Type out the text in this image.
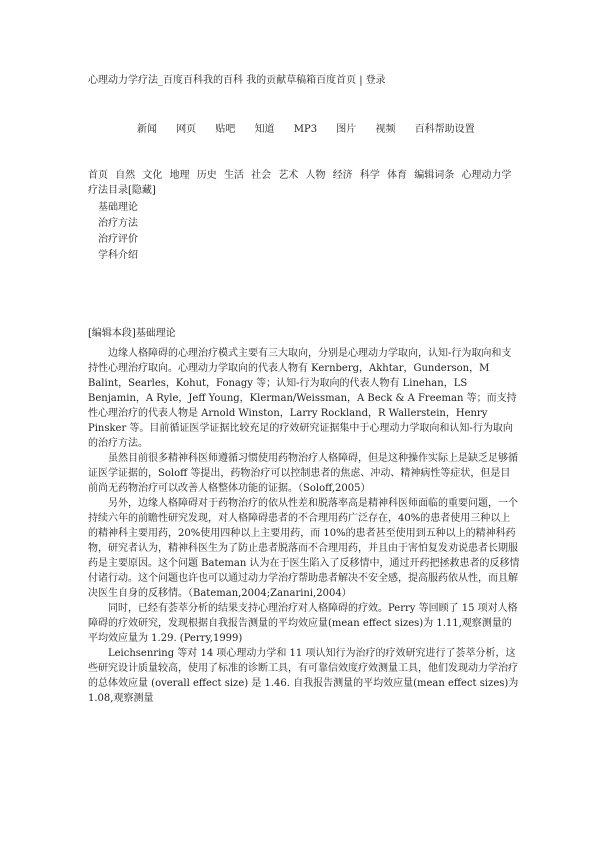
心理动力学疗法_百度百科我的百科 我的贡献草稿箱百度首页 | 登录
新闻 网页 贴吧 知道 MP3 图片 视频 百科帮助设置
首页 自然 文化 地理 历史 生活 社会 艺术 人物 经济 科学 体育 编辑词条 心理动力学疗法目录[隐藏]
基础理论
治疗方法
治疗评价
学科介绍
[编辑本段]基础理论

边缘人格障碍的心理治疗模式主要有三大取向，分别是心理动力学取向，认知-行为取向和支持性心理治疗取向。心理动力学取向的代表人物有 Kernberg，Akhtar，Gunderson，M Balint，Searles，Kohut，Fonagy 等；认知-行为取向的代表人物有 Linehan，LS Benjamin，A Ryle，Jeff Young，Klerman/Weissman，A Beck & A Freeman 等；而支持性心理治疗的代表人物是 Arnold Winston，Larry Rockland，R Wallerstein，Henry Pinsker 等。目前循证医学证据比较充足的疗效研究证据集中于心理动力学取向和认知-行为取向的治疗方法。

虽然目前很多精神科医师遵循习惯使用药物治疗人格障碍，但是这种操作实际上是缺乏足够循证医学证据的，Soloff 等提出，药物治疗可以控制患者的焦虑、冲动、精神病性等症状，但是目前尚无药物治疗可以改善人格整体功能的证据。（Soloff,2005）

另外，边缘人格障碍对于药物治疗的依从性差和脱落率高是精神科医师面临的重要问题，一个持续六年的前瞻性研究发现，对人格障碍患者的不合理用药广泛存在，40%的患者使用三种以上的精神科主要用药，20%使用四种以上主要用药，而 10%的患者甚至使用到五种以上的精神科药物，研究者认为，精神科医生为了防止患者脱落而不合理用药，并且由于害怕复发劝说患者长期服药是主要原因。这个问题 Bateman 认为在于医生陷入了反移情中，通过开药把拯救患者的反移情付诸行动。这个问题也许也可以通过动力学治疗帮助患者解决不安全感，提高服药依从性，而且解决医生自身的反移情。（Bateman,2004;Zanarini,2004）

同时，已经有荟萃分析的结果支持心理治疗对人格障碍的疗效。Perry 等回顾了 15 项对人格障碍的疗效研究，发现根据自我报告测量的平均效应量(mean effect sizes)为 1.11,观察测量的平均效应量为 1.29. (Perry,1999)

Leichsenring 等对 14 项心理动力学和 11 项认知行为治疗的疗效研究进行了荟萃分析，这些研究设计质量较高，使用了标准的诊断工具，有可靠信效度疗效测量工具，他们发现动力学治疗的总体效应量 (overall effect size) 是 1.46. 自我报告测量的平均效应量(mean effect sizes)为 1.08,观察测量
